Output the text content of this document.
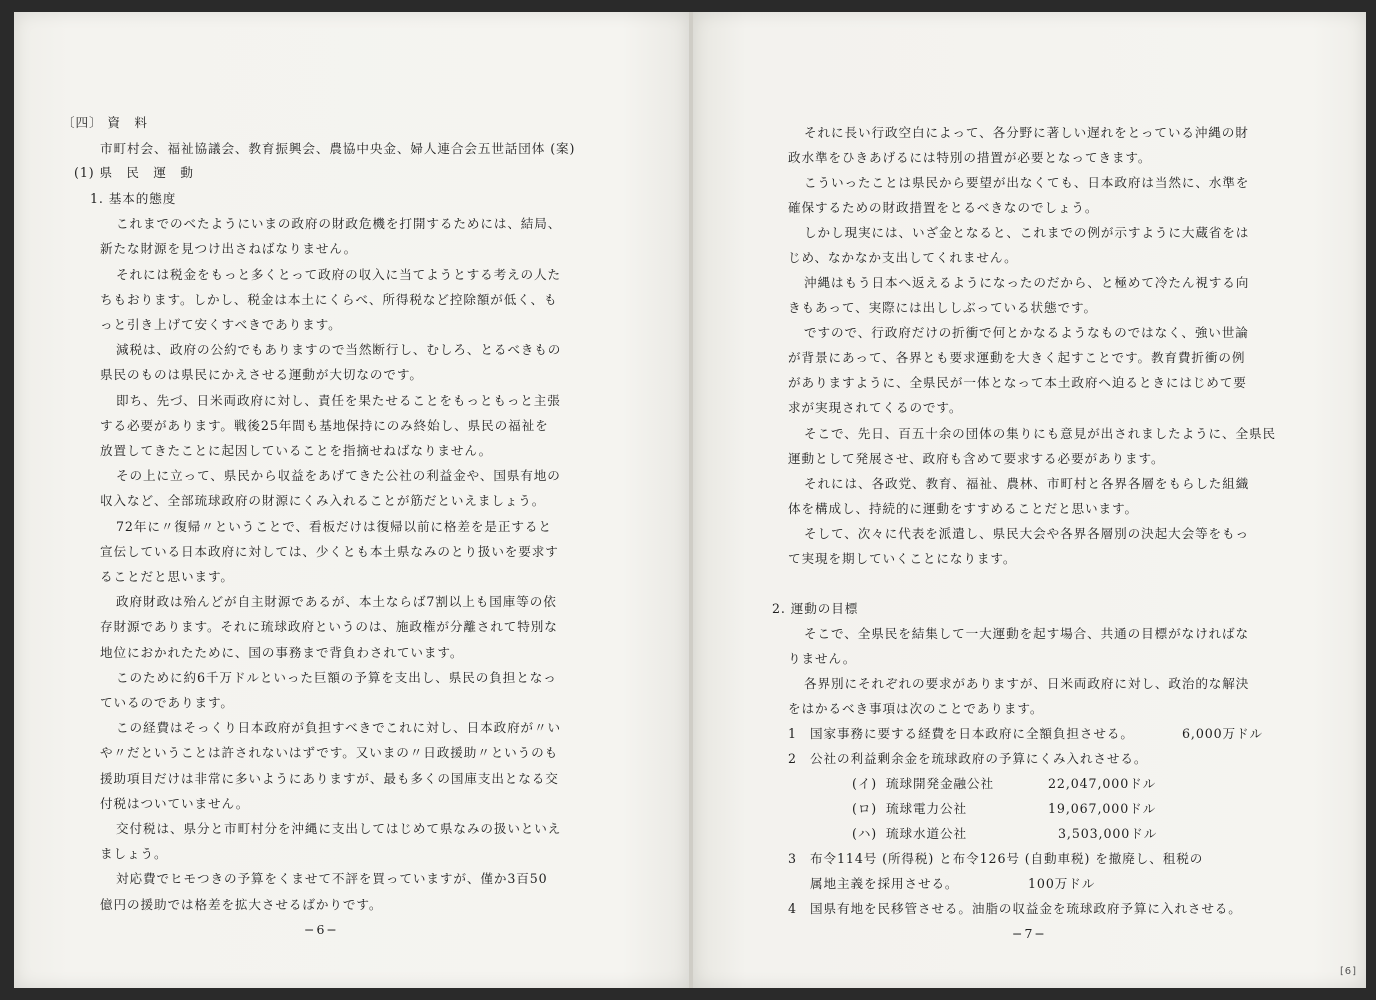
〔四〕 資　料
市町村会、福祉協議会、教育振興会、農協中央金、婦人連合会五世話団体 (案)
(1) 県　民　運　動
1. 基本的態度
これまでのべたようにいまの政府の財政危機を打開するためには、結局、
新たな財源を見つけ出さねばなりません。
それには税金をもっと多くとって政府の収入に当てようとする考えの人た
ちもおります。しかし、税金は本土にくらべ、所得税など控除額が低く、も
っと引き上げて安くすべきであります。
減税は、政府の公約でもありますので当然断行し、むしろ、とるべきもの
県民のものは県民にかえさせる運動が大切なのです。
即ち、先づ、日米両政府に対し、責任を果たせることをもっともっと主張
する必要があります。戦後25年間も基地保持にのみ終始し、県民の福祉を
放置してきたことに起因していることを指摘せねばなりません。
その上に立って、県民から収益をあげてきた公社の利益金や、国県有地の
収入など、全部琉球政府の財源にくみ入れることが筋だといえましょう。
72年に〃復帰〃ということで、看板だけは復帰以前に格差を是正すると
宣伝している日本政府に対しては、少くとも本土県なみのとり扱いを要求す
ることだと思います。
政府財政は殆んどが自主財源であるが、本土ならば7割以上も国庫等の依
存財源であります。それに琉球政府というのは、施政権が分離されて特別な
地位におかれたために、国の事務まで背負わされています。
このために約6千万ドルといった巨額の予算を支出し、県民の負担となっ
ているのであります。
この経費はそっくり日本政府が負担すべきでこれに対し、日本政府が〃い
や〃だということは許されないはずです。又いまの〃日政援助〃というのも
援助項目だけは非常に多いようにありますが、最も多くの国庫支出となる交
付税はついていません。
交付税は、県分と市町村分を沖縄に支出してはじめて県なみの扱いといえ
ましょう。
対応費でヒモつきの予算をくませて不評を買っていますが、僅か3百50
億円の援助では格差を拡大させるばかりです。
−6−
それに長い行政空白によって、各分野に著しい遅れをとっている沖縄の財
政水準をひきあげるには特別の措置が必要となってきます。
こういったことは県民から要望が出なくても、日本政府は当然に、水準を
確保するための財政措置をとるべきなのでしょう。
しかし現実には、いざ金となると、これまでの例が示すように大蔵省をは
じめ、なかなか支出してくれません。
沖縄はもう日本へ返えるようになったのだから、と極めて冷たん視する向
きもあって、実際には出ししぶっている状態です。
ですので、行政府だけの折衝で何とかなるようなものではなく、強い世論
が背景にあって、各界とも要求運動を大きく起すことです。教育費折衝の例
がありますように、全県民が一体となって本土政府へ迫るときにはじめて要
求が実現されてくるのです。
そこで、先日、百五十余の団体の集りにも意見が出されましたように、全県民
運動として発展させ、政府も含めて要求する必要があります。
それには、各政党、教育、福祉、農林、市町村と各界各層をもらした組織
体を構成し、持続的に運動をすすめることだと思います。
そして、次々に代表を派遣し、県民大会や各界各層別の決起大会等をもっ
て実現を期していくことになります。
2. 運動の目標
そこで、全県民を結集して一大運動を起す場合、共通の目標がなければな
りません。
各界別にそれぞれの要求がありますが、日米両政府に対し、政治的な解決
をはかるべき事項は次のことであります。
1 国家事務に要する経費を日本政府に全額負担させる。	6,000万ドル
2 公社の利益剰余金を琉球政府の予算にくみ入れさせる。
(イ) 琉球開発金融公社	22,047,000ドル
(ロ) 琉球電力公社	19,067,000ドル
(ハ) 琉球水道公社	3,503,000ドル
3 布令114号 (所得税) と布令126号 (自動車税) を撤廃し、租税の
属地主義を採用させる。	100万ドル
4 国県有地を民移管させる。油脂の収益金を琉球政府予算に入れさせる。
−7−
[6]
